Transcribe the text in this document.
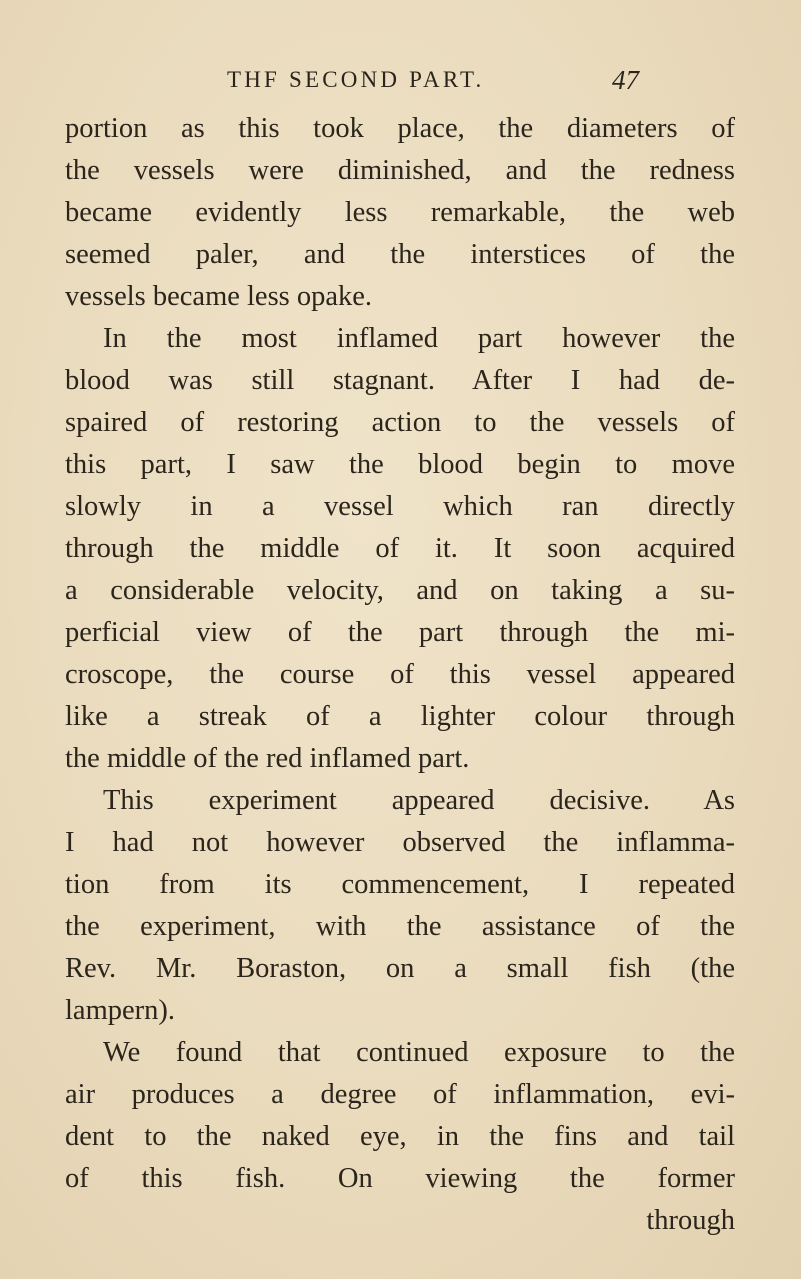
THF SECOND PART.	47
portion as this took place, the diameters of
the vessels were diminished, and the redness
became evidently less remarkable, the web
seemed paler, and the interstices of the
vessels became less opake.
In the most inflamed part however the
blood was still stagnant. After I had de-
spaired of restoring action to the vessels of
this part, I saw the blood begin to move
slowly in a vessel which ran directly
through the middle of it. It soon acquired
a considerable velocity, and on taking a su-
perficial view of the part through the mi-
croscope, the course of this vessel appeared
like a streak of a lighter colour through
the middle of the red inflamed part.
This experiment appeared decisive. As
I had not however observed the inflamma-
tion from its commencement, I repeated
the experiment, with the assistance of the
Rev. Mr. Boraston, on a small fish (the
lampern).
We found that continued exposure to the
air produces a degree of inflammation, evi-
dent to the naked eye, in the fins and tail
of this fish. On viewing the former
through
